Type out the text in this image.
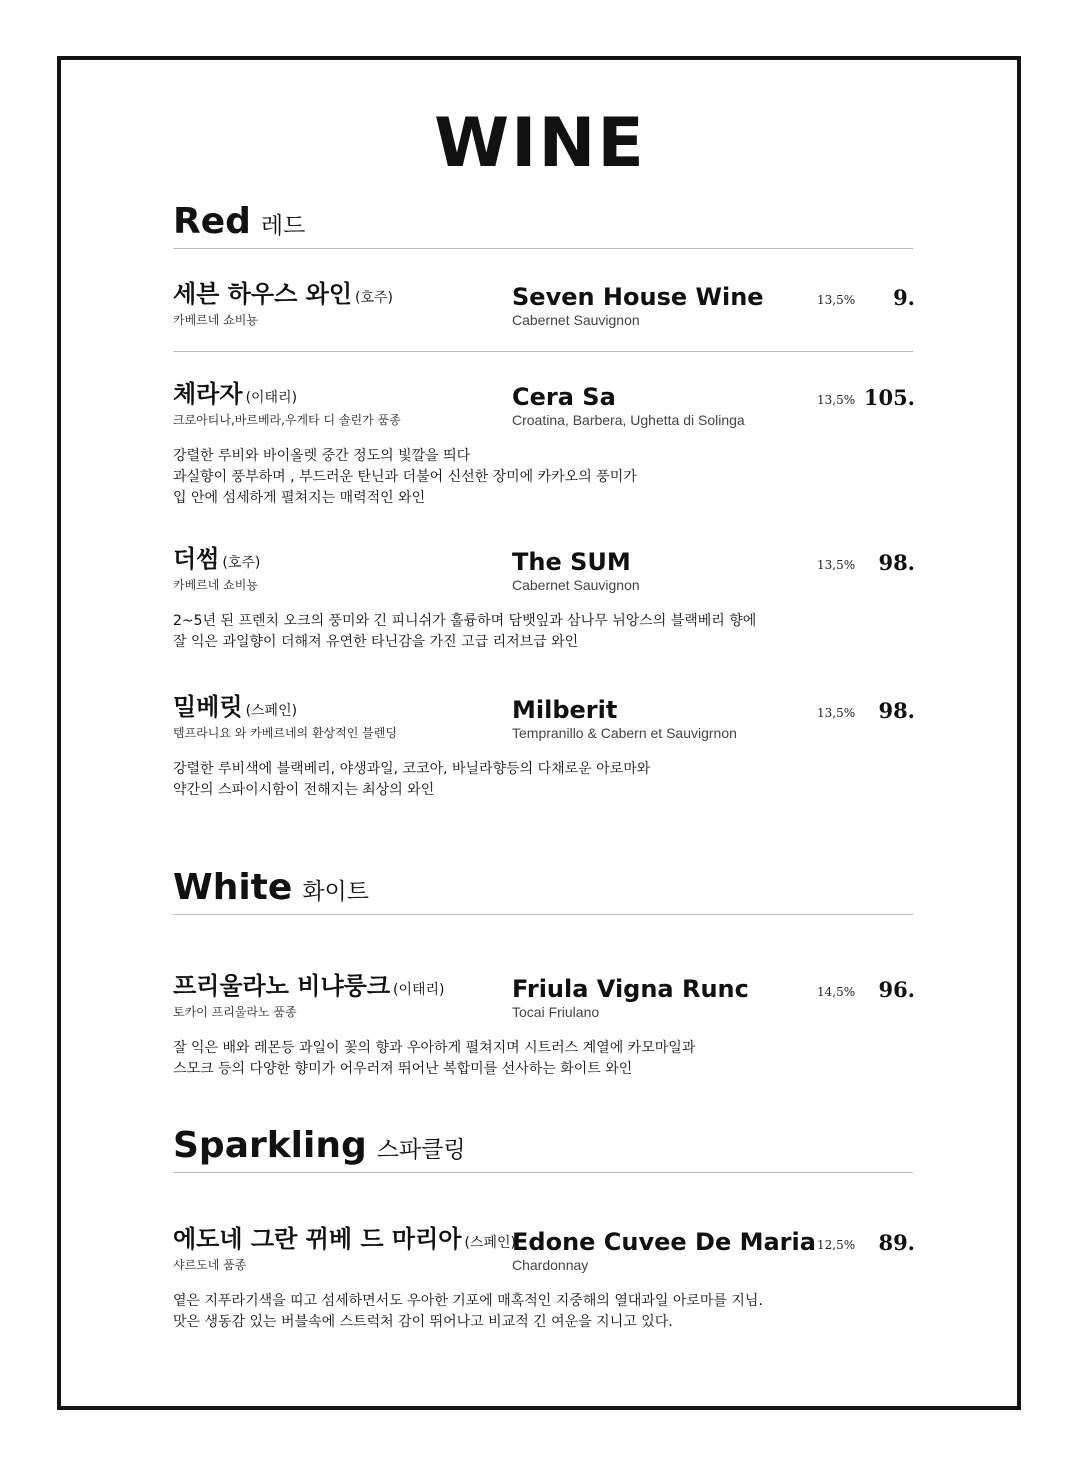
WINE
Red 레드
세븐 하우스 와인 (호주)
카베르네 쇼비뇽
Seven House Wine
Cabernet Sauvignon
13,5% 9.
체라자 (이태리)
크로아티나,바르베라,우게타 디 솔린가 품종
Cera Sa
Croatina, Barbera, Ughetta di Solinga
13,5% 105.
강렬한 루비와 바이올렛 중간 정도의 빛깔을 띄다
과실향이 풍부하며 , 부드러운 탄닌과 더불어 신선한 장미에 카카오의 풍미가
입 안에 섬세하게 펼쳐지는 매력적인 와인
더썸 (호주)
카베르네 쇼비뇽
The SUM
Cabernet Sauvignon
13,5% 98.
2~5년 된 프렌치 오크의 풍미와 긴 피니쉬가 훌륭하며 담뱃잎과 삼나무 뉘앙스의 블랙베리 향에
잘 익은 과일향이 더해져 유연한 타닌감을 가진 고급 리저브급 와인
밀베릿 (스페인)
템프라니요 와 카베르네의 환상적인 블렌딩
Milberit
Tempranillo & Cabern et Sauvigrnon
13,5% 98.
강렬한 루비색에 블랙베리, 야생과일, 코코아, 바닐라향등의 다채로운 아로마와
약간의 스파이시함이 전해지는 최상의 와인
White 화이트
프리울라노 비냐룽크 (이태리)
토카이 프리울라노 품종
Friula Vigna Runc
Tocai Friulano
14,5% 96.
잘 익은 배와 레몬등 과일이 꽃의 향과 우아하게 펼쳐지며 시트러스 계열에 카모마일과
스모크 등의 다양한 향미가 어우러져 뛰어난 복합미를 선사하는 화이트 와인
Sparkling 스파클링
에도네 그란 뀌베 드 마리아 (스페인)
샤르도네 품종
Edone Cuvee De Maria
Chardonnay
12,5% 89.
옅은 지푸라기색을 띠고 섬세하면서도 우아한 기포에 매혹적인 지중해의 열대과일 아로마를 지님.
맛은 생동감 있는 버블속에 스트럭처 감이 뛰어나고 비교적 긴 여운을 지니고 있다.
